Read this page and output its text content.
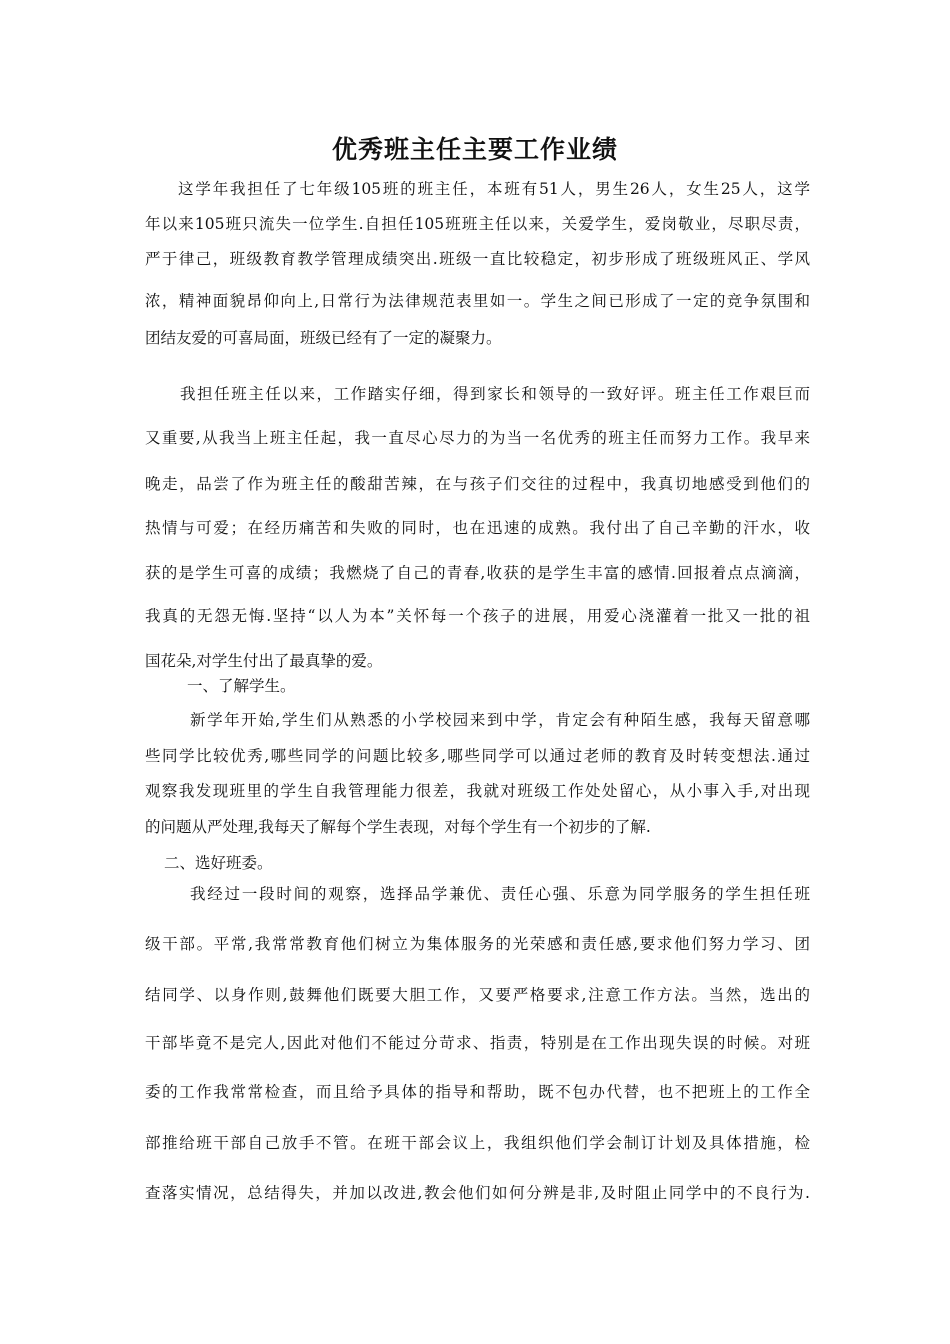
优秀班主任主要工作业绩
这学年我担任了七年级105班的班主任，本班有51人，男生26人，女生25人，这学
年以来105班只流失一位学生.自担任105班班主任以来，关爱学生，爱岗敬业，尽职尽责，
严于律己，班级教育教学管理成绩突出.班级一直比较稳定，初步形成了班级班风正、学风
浓，精神面貌昂仰向上,日常行为法律规范表里如一。学生之间已形成了一定的竞争氛围和
团结友爱的可喜局面，班级已经有了一定的凝聚力。
我担任班主任以来，工作踏实仔细，得到家长和领导的一致好评。班主任工作艰巨而
又重要,从我当上班主任起，我一直尽心尽力的为当一名优秀的班主任而努力工作。我早来
晚走，品尝了作为班主任的酸甜苦辣，在与孩子们交往的过程中，我真切地感受到他们的
热情与可爱；在经历痛苦和失败的同时，也在迅速的成熟。我付出了自己辛勤的汗水，收
获的是学生可喜的成绩；我燃烧了自己的青春,收获的是学生丰富的感情.回报着点点滴滴，
我真的无怨无悔.坚持“以人为本”关怀每一个孩子的进展，用爱心浇灌着一批又一批的祖
国花朵,对学生付出了最真挚的爱。
一、了解学生。
新学年开始,学生们从熟悉的小学校园来到中学，肯定会有种陌生感，我每天留意哪
些同学比较优秀,哪些同学的问题比较多,哪些同学可以通过老师的教育及时转变想法.通过
观察我发现班里的学生自我管理能力很差，我就对班级工作处处留心，从小事入手,对出现
的问题从严处理,我每天了解每个学生表现，对每个学生有一个初步的了解.
二、选好班委。
我经过一段时间的观察，选择品学兼优、责任心强、乐意为同学服务的学生担任班
级干部。平常,我常常教育他们树立为集体服务的光荣感和责任感,要求他们努力学习、团
结同学、以身作则,鼓舞他们既要大胆工作，又要严格要求,注意工作方法。当然，选出的
干部毕竟不是完人,因此对他们不能过分苛求、指责，特别是在工作出现失误的时候。对班
委的工作我常常检查，而且给予具体的指导和帮助，既不包办代替，也不把班上的工作全
部推给班干部自己放手不管。在班干部会议上，我组织他们学会制订计划及具体措施，检
查落实情况，总结得失，并加以改进,教会他们如何分辨是非,及时阻止同学中的不良行为.
